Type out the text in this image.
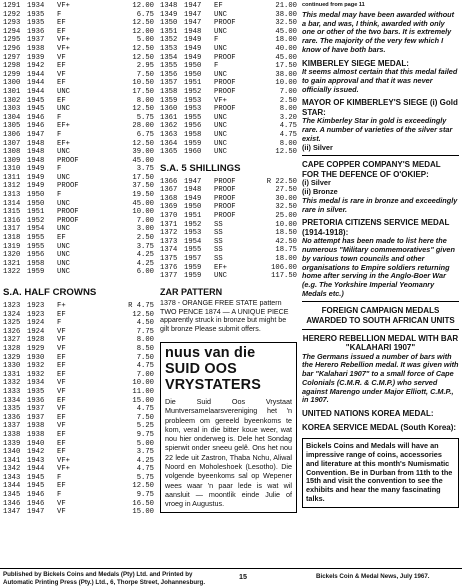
1291 1934	VF+	12.00
1292 1935	F	6.75
1293 1935	EF	12.50
1294 1936	EF	12.00
1295 1937	VF+	5.00
1296 1938	VF+	12.50
1297 1939	VF	12.50
1298 1942	EF	2.95
1299 1944	VF	7.50
1300 1944	EF	10.50
1301 1944	UNC	17.50
1302 1945	EF	8.00
1303 1945	UNC	12.50
1304 1946	F	5.75
1305 1946	EF+	28.00
1306 1947	F	6.75
1307 1948	EF+	12.50
1308 1948	UNC	39.00
1309 1948	PROOF	45.00
1310 1949	F	3.75
1311 1949	UNC	17.50
1312 1949	PROOF	37.50
1313 1950	F	19.50
1314 1950	UNC	45.00
1315 1951	PROOF	10.00
1316 1952	PROOF	7.00
1317 1954	UNC	3.00
1318 1955	EF	2.50
1319 1955	UNC	3.75
1320 1956	UNC	4.25
1321 1958	UNC	4.25
1322 1959	UNC	6.00
S.A. HALF CROWNS
1323 1923	F+	R 4.75
1324 1923	EF	12.50
1325 1924	F	4.50
1326 1924	VF	7.75
1327 1928	VF	8.00
1328 1929	VF	8.50
1329 1930	EF	7.50
1330 1932	EF	4.75
1331 1932	EF	7.00
1332 1934	VF	10.00
1333 1935	VF	11.00
1334 1936	EF	15.00
1335 1937	VF	4.75
1336 1937	EF	7.50
1337 1938	VF	5.25
1338 1938	EF	9.75
1339 1940	EF	5.00
1340 1942	EF	3.75
1341 1943	VF+	4.25
1342 1944	VF+	4.75
1343 1945	F	5.75
1344 1945	EF	12.50
1345 1946	F	9.75
1346 1946	VF	16.50
1347 1947	VF	15.00
1348 1947	EF	21.00
1349 1947	UNC	38.00
1350 1947	PROOF	32.50
1351 1948	UNC	45.00
1352 1949	F	18.00
1353 1949	UNC	40.00
1354 1949	PROOF	45.00
1355 1950	F	17.50
1356 1950	UNC	38.00
1357 1951	PROOF	10.00
1358 1952	PROOF	7.00
1359 1953	VF+	2.50
1360 1953	PROOF	8.00
1361 1955	UNC	3.20
1362 1956	UNC	4.75
1363 1958	UNC	4.75
1364 1959	UNC	8.00
1365 1960	UNC	12.50
S.A. 5 SHILLINGS
1366 1947	PROOF	R 22.50
1367 1948	PROOF	27.50
1368 1949	PROOF	30.00
1369 1950	PROOF	32.50
1370 1951	PROOF	25.00
1371 1952	SS	10.00
1372 1953	SS	18.50
1373 1954	SS	42.50
1374 1955	SS	18.75
1375 1957	SS	18.00
1376 1959	EF+	106.00
1377 1959	UNC	117.50
ZAR PATTERN
1378 - ORANGE FREE STATE pattern TWO PENCE 1874 — A UNIQUE PIECE apparently struck in bronze but might be gilt bronze Please submit offers.
nuus van die SUID OOS VRYSTATERS
Die Suid Oos Vrystaat Muntversamelaarsvereniging het 'n probleem om gereeld byeenkoms te kom, veral in die bitter koue weer, wat nou hier onderweg is. Dele het Sondag spierwit onder sneeu gelê. Ons het nou 22 lede uit Zastron, Thaba Nchu, Aliwal Noord en Moholeshoek (Lesotho). Die volgende byeenkoms sal op Wepener wees waar 'n paar lede is wat wil aansluit — moontlik einde Julie of vroeg in Augustus.
continued from page 11
This medal may have been awarded without a bar, and was, I think, awarded with only one or other of the two bars. It is extremely rare. The majority of the very few which I know of have both bars.
KIMBERLEY SIEGE MEDAL:
It seems almost certain that this medal failed to gain approval and that it was never officially issued.
MAYOR OF KIMBERLEY'S SIEGE (i) Gold STAR:
The Kimberley Star in gold is exceedingly rare. A number of varieties of the silver star exist.
(ii) Silver
CAPE COPPER COMPANY'S MEDAL FOR THE DEFENCE OF O'OKIEP:
(i) Silver
(ii) Bronze
This medal is rare in bronze and exceedingly rare in silver.
PRETORIA CITIZENS SERVICE MEDAL (1914-1918):
No attempt has been made to list here the numerous "Military commemoratives" given by various town councils and other organisations to Empire soldiers returning home after serving in the Anglo-Boer War (e.g. The Yorkshire Imperial Yeomanry Medals etc.)
FOREIGN CAMPAIGN MEDALS AWARDED TO SOUTH AFRICAN UNITS
HERERO REBELLION MEDAL WITH BAR "KALAHARI 1907"
The Germans issued a number of bars with the Herero Rebellion medal. It was given with bar "Kalahari 1907" to a small force of Cape Colonials (C.M.R. & C.M.P.) who served against Marengo under Major Elliott, C.M.P., in 1907.
UNITED NATIONS KOREA MEDAL:
KOREA SERVICE MEDAL (South Korea):
Bickels Coins and Medals will have an impressive range of coins, accessories and literature at this month's Numismatic Convention. Be in Durban from 11th to the 15th and visit the convention to see the exhibits and hear the many fascinating talks.
Published by Bickels Coins and Medals (Pty) Ltd. and Printed by
Automatic Printing Press (Pty.) Ltd., 6, Thorpe Street, Johannesburg.
15	Bickels Coin & Medal News, July 1967.
